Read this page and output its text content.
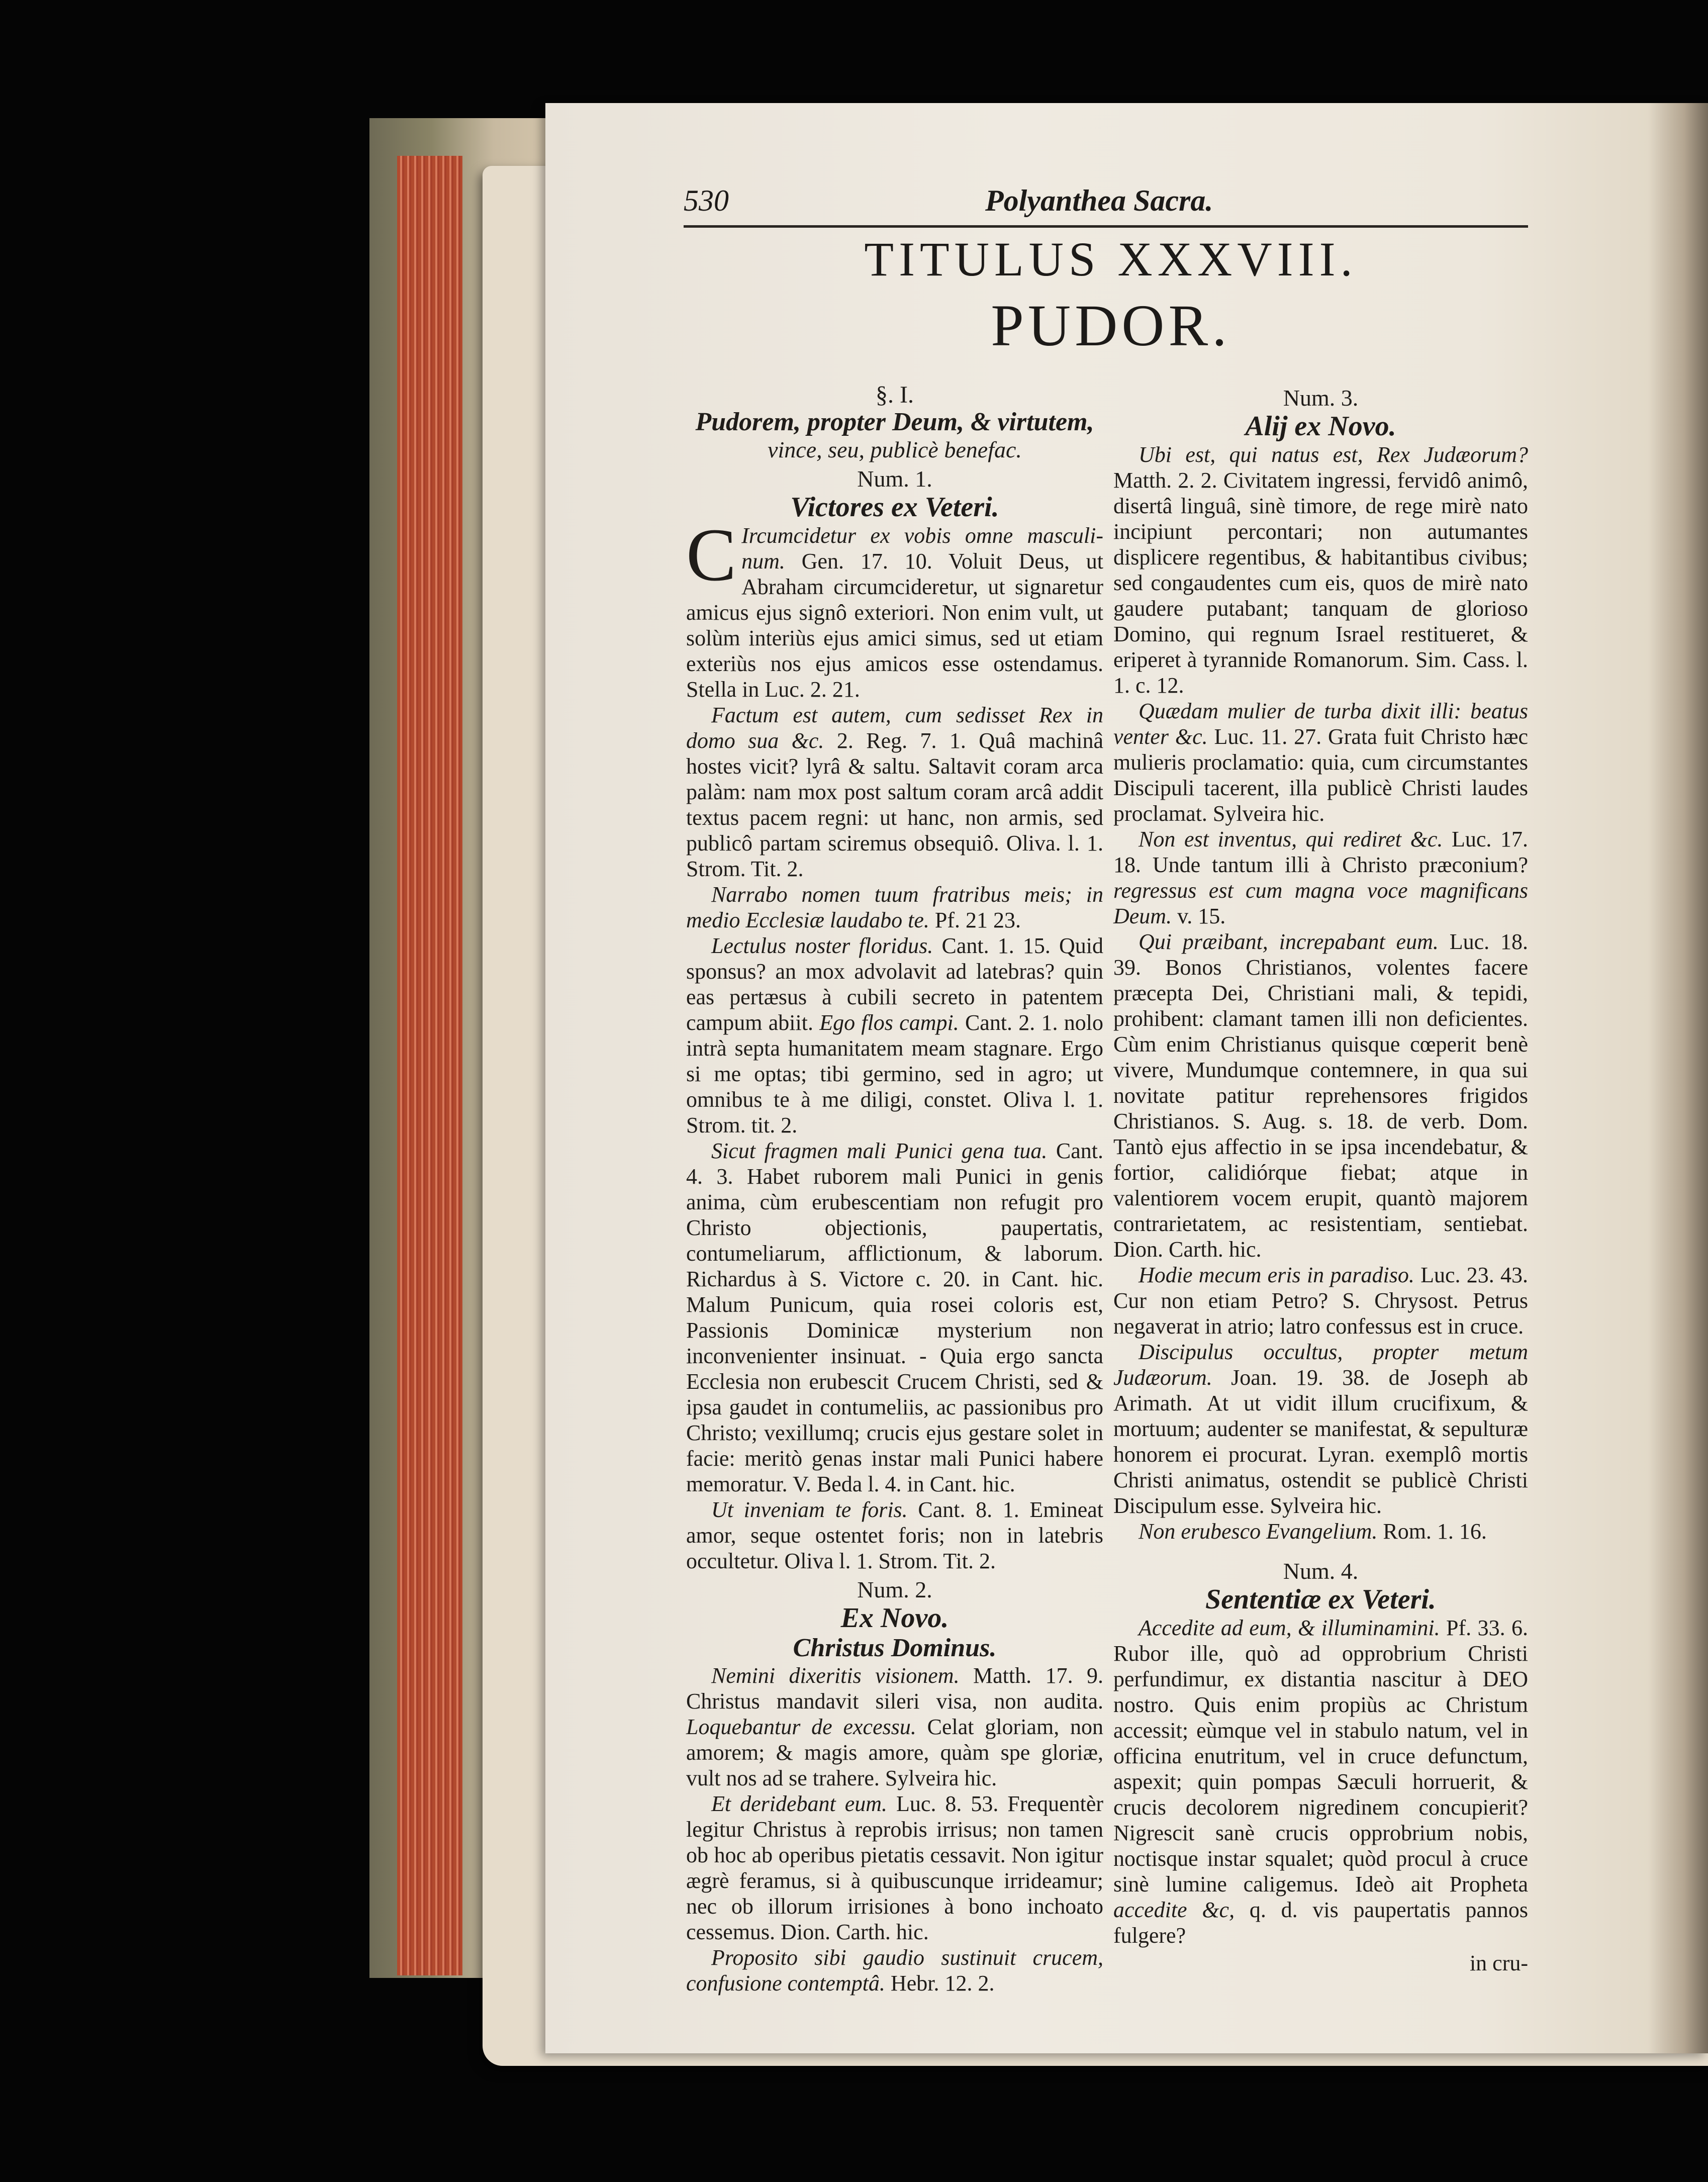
530	Polyanthea Sacra.
TITULUS XXXVIII.
PUDOR.
§. I.
Pudorem, propter Deum, & virtutem,
vince, seu, publicè benefac.
Num. 1.
Victores ex Veteri.

C Ircumcidetur ex vobis omne masculi-num. Gen. 17. 10. Voluit Deus, ut Abraham circumcideretur, ut signaretur amicus ejus signô exteriori. Non enim vult, ut solùm interiùs ejus amici simus, sed ut etiam exteriùs nos ejus amicos esse ostendamus. Stella in Luc. 2. 21.

Factum est autem, cum sedisset Rex in domo sua &c. 2. Reg. 7. 1. Quâ machinâ hostes vicit? lyrâ & saltu. Saltavit coram arca palàm: nam mox post saltum coram arcâ addit textus pacem regni: ut hanc, non armis, sed publicô partam sciremus obsequiô. Oliva. l. 1. Strom. Tit. 2.

Narrabo nomen tuum fratribus meis; in medio Ecclesiæ laudabo te. Pf. 21 23.

Lectulus noster floridus. Cant. 1. 15. Quid sponsus? an mox advolavit ad latebras? quin eas pertæsus à cubili secreto in patentem campum abiit. Ego flos campi. Cant. 2. 1. nolo intrà septa humanitatem meam stagnare. Ergo si me optas; tibi germino, sed in agro; ut omnibus te à me diligi, constet. Oliva l. 1. Strom. tit. 2.

Sicut fragmen mali Punici gena tua. Cant. 4. 3. Habet ruborem mali Punici in genis anima, cùm erubescentiam non refugit pro Christo objectionis, paupertatis, contumeliarum, afflictionum, & laborum. Richardus à S. Victore c. 20. in Cant. hic. Malum Punicum, quia rosei coloris est, Passionis Dominicæ mysterium non inconvenienter insinuat. - Quia ergo sancta Ecclesia non erubescit Crucem Christi, sed & ipsa gaudet in contumeliis, ac passionibus pro Christo; vexillumq; crucis ejus gestare solet in facie: meritò genas instar mali Punici habere memoratur. V. Beda l. 4. in Cant. hic.

Ut inveniam te foris. Cant. 8. 1. Emineat amor, seque ostentet foris; non in latebris occultetur. Oliva l. 1. Strom. Tit. 2.

Num. 2.
Ex Novo.
Christus Dominus.

Nemini dixeritis visionem. Matth. 17. 9. Christus mandavit sileri visa, non audita. Loquebantur de excessu. Celat gloriam, non amorem; & magis amore, quàm spe gloriæ, vult nos ad se trahere. Sylveira hic.

Et deridebant eum. Luc. 8. 53. Frequentèr legitur Christus à reprobis irrisus; non tamen ob hoc ab operibus pietatis cessavit. Non igitur ægrè feramus, si à quibuscunque irrideamur; nec ob illorum irrisiones à bono inchoato cessemus. Dion. Carth. hic.

Proposito sibi gaudio sustinuit crucem, confusione contemptâ. Hebr. 12. 2.

Num. 3.
Alij ex Novo.

Ubi est, qui natus est, Rex Judæorum? Matth. 2. 2. Civitatem ingressi, fervidô animô, disertâ linguâ, sinè timore, de rege mirè nato incipiunt percontari; non autumantes displicere regentibus, & habitantibus civibus; sed congaudentes cum eis, quos de mirè nato gaudere putabant; tanquam de glorioso Domino, qui regnum Israel restitueret, & eriperet à tyrannide Romanorum. Sim. Cass. l. 1. c. 12.

Quædam mulier de turba dixit illi: beatus venter &c. Luc. 11. 27. Grata fuit Christo hæc mulieris proclamatio: quia, cum circumstantes Discipuli tacerent, illa publicè Christi laudes proclamat. Sylveira hic.

Non est inventus, qui rediret &c. Luc. 17. 18. Unde tantum illi à Christo præconium? regressus est cum magna voce magnificans Deum. v. 15.

Qui præibant, increpabant eum. Luc. 18. 39. Bonos Christianos, volentes facere præcepta Dei, Christiani mali, & tepidi, prohibent: clamant tamen illi non deficientes. Cùm enim Christianus quisque cœperit benè vivere, Mundumque contemnere, in qua sui novitate patitur reprehensores frigidos Christianos. S. Aug. s. 18. de verb. Dom. Tantò ejus affectio in se ipsa incendebatur, & fortior, calidiórque fiebat; atque in valentiorem vocem erupit, quantò majorem contrarietatem, ac resistentiam, sentiebat. Dion. Carth. hic.

Hodie mecum eris in paradiso. Luc. 23. 43. Cur non etiam Petro? S. Chrysost. Petrus negaverat in atrio; latro confessus est in cruce.

Discipulus occultus, propter metum Judæorum. Joan. 19. 38. de Joseph ab Arimath. At ut vidit illum crucifixum, & mortuum; audenter se manifestat, & sepulturæ honorem ei procurat. Lyran. exemplô mortis Christi animatus, ostendit se publicè Christi Discipulum esse. Sylveira hic.

Non erubesco Evangelium. Rom. 1. 16.

Num. 4.
Sententiæ ex Veteri.

Accedite ad eum, & illuminamini. Pf. 33. 6. Rubor ille, quò ad opprobrium Christi perfundimur, ex distantia nascitur à DEO nostro. Quis enim propiùs ac Christum accessit; eùmque vel in stabulo natum, vel in officina enutritum, vel in cruce defunctum, aspexit; quin pompas Sæculi horruerit, & crucis decolorem nigredinem concupierit? Nigrescit sanè crucis opprobrium nobis, noctisque instar squalet; quòd procul à cruce sinè lumine caligemus. Ideò ait Propheta accedite &c, q. d. vis paupertatis pannos fulgere?

in cru-
